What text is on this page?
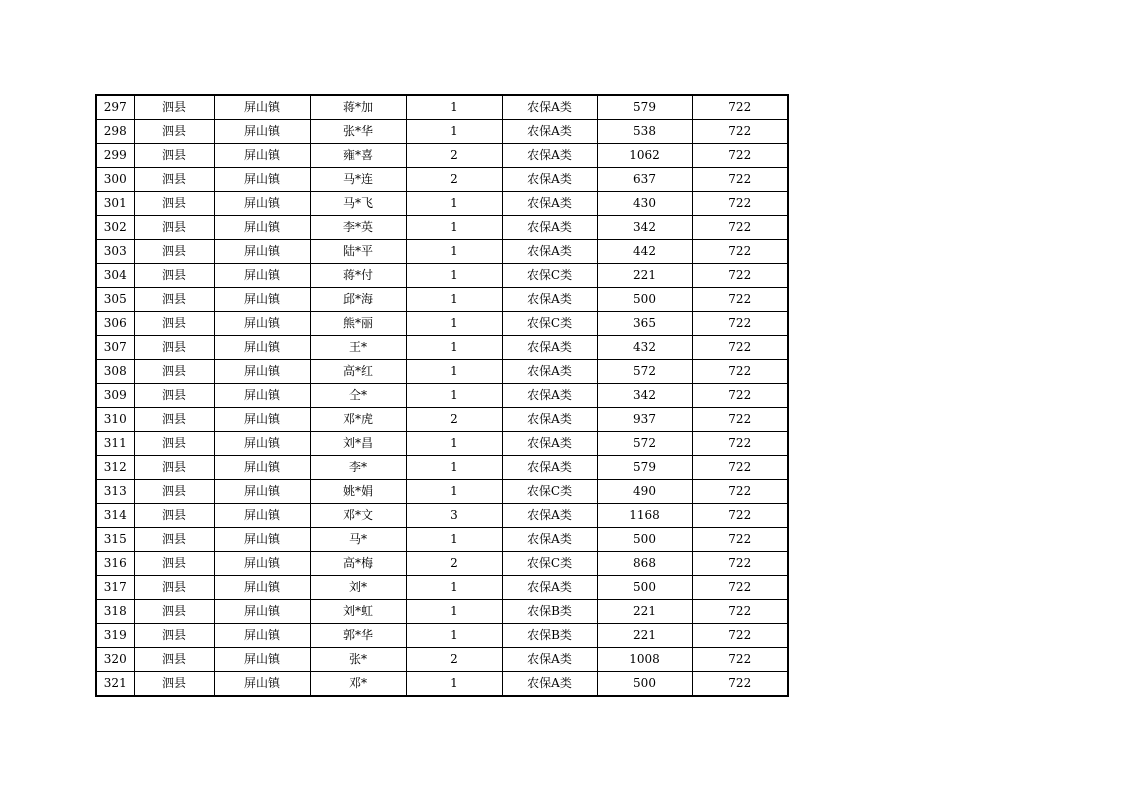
297	泗县	屏山镇	蒋*加	1	农保A类	579	722
298	泗县	屏山镇	张*华	1	农保A类	538	722
299	泗县	屏山镇	雍*喜	2	农保A类	1062	722
300	泗县	屏山镇	马*连	2	农保A类	637	722
301	泗县	屏山镇	马*飞	1	农保A类	430	722
302	泗县	屏山镇	李*英	1	农保A类	342	722
303	泗县	屏山镇	陆*平	1	农保A类	442	722
304	泗县	屏山镇	蒋*付	1	农保C类	221	722
305	泗县	屏山镇	邱*海	1	农保A类	500	722
306	泗县	屏山镇	熊*丽	1	农保C类	365	722
307	泗县	屏山镇	王*	1	农保A类	432	722
308	泗县	屏山镇	高*红	1	农保A类	572	722
309	泗县	屏山镇	仝*	1	农保A类	342	722
310	泗县	屏山镇	邓*虎	2	农保A类	937	722
311	泗县	屏山镇	刘*昌	1	农保A类	572	722
312	泗县	屏山镇	李*	1	农保A类	579	722
313	泗县	屏山镇	姚*娟	1	农保C类	490	722
314	泗县	屏山镇	邓*文	3	农保A类	1168	722
315	泗县	屏山镇	马*	1	农保A类	500	722
316	泗县	屏山镇	高*梅	2	农保C类	868	722
317	泗县	屏山镇	刘*	1	农保A类	500	722
318	泗县	屏山镇	刘*虹	1	农保B类	221	722
319	泗县	屏山镇	郭*华	1	农保B类	221	722
320	泗县	屏山镇	张*	2	农保A类	1008	722
321	泗县	屏山镇	邓*	1	农保A类	500	722
